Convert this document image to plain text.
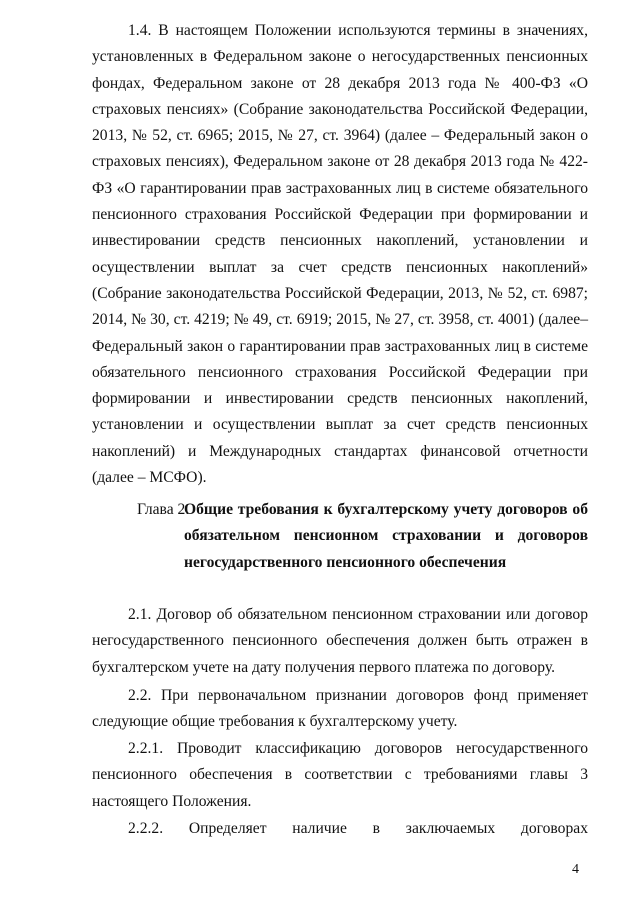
1.4. В настоящем Положении используются термины в значениях, установленных в Федеральном законе о негосударственных пенсионных фондах, Федеральном законе от 28 декабря 2013 года № 400-ФЗ «О страховых пенсиях» (Собрание законодательства Российской Федерации, 2013, № 52, ст. 6965; 2015, № 27, ст. 3964) (далее – Федеральный закон о страховых пенсиях), Федеральном законе от 28 декабря 2013 года № 422-ФЗ «О гарантировании прав застрахованных лиц в системе обязательного пенсионного страхования Российской Федерации при формировании и инвестировании средств пенсионных накоплений, установлении и осуществлении выплат за счет средств пенсионных накоплений» (Собрание законодательства Российской Федерации, 2013, № 52, ст. 6987; 2014, № 30, ст. 4219; № 49, ст. 6919; 2015, № 27, ст. 3958, ст. 4001) (далее– Федеральный закон о гарантировании прав застрахованных лиц в системе обязательного пенсионного страхования Российской Федерации при формировании и инвестировании средств пенсионных накоплений, установлении и осуществлении выплат за счет средств пенсионных накоплений) и Международных стандартах финансовой отчетности (далее – МСФО).

Глава 2.
Общие требования к бухгалтерскому учету договоров об обязательном пенсионном страховании и договоров негосударственного пенсионного обеспечения

2.1. Договор об обязательном пенсионном страховании или договор негосударственного пенсионного обеспечения должен быть отражен в бухгалтерском учете на дату получения первого платежа по договору.

2.2. При первоначальном признании договоров фонд применяет следующие общие требования к бухгалтерскому учету.

2.2.1. Проводит классификацию договоров негосударственного пенсионного обеспечения в соответствии с требованиями главы 3 настоящего Положения.

2.2.2. Определяет наличие в заключаемых договорах

4
